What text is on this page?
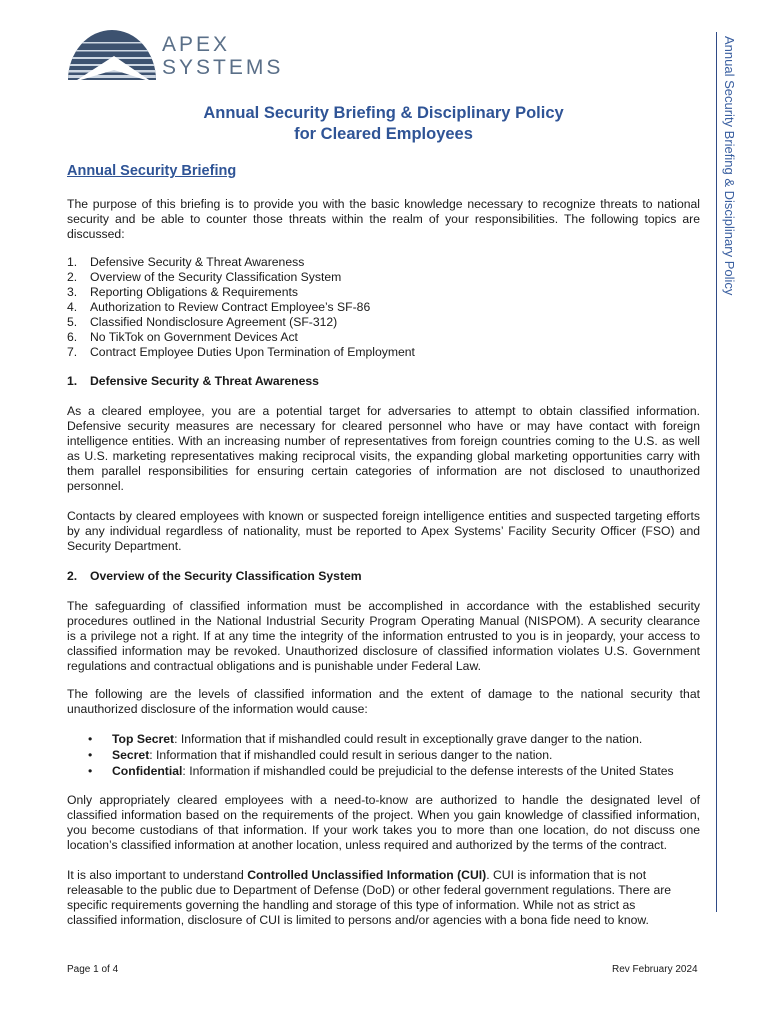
APEX
SYSTEMS	Annual Security Briefing & Disciplinary Policy
Annual Security Briefing & Disciplinary Policy
for Cleared Employees
Annual Security Briefing
The purpose of this briefing is to provide you with the basic knowledge necessary to recognize threats to national
security and be able to counter those threats within the realm of your responsibilities. The following topics are
discussed:
1. Defensive Security & Threat Awareness
2. Overview of the Security Classification System
3. Reporting Obligations & Requirements
4. Authorization to Review Contract Employee’s SF-86
5. Classified Nondisclosure Agreement (SF-312)
6. No TikTok on Government Devices Act
7. Contract Employee Duties Upon Termination of Employment
1. Defensive Security & Threat Awareness
As a cleared employee, you are a potential target for adversaries to attempt to obtain classified information.
Defensive security measures are necessary for cleared personnel who have or may have contact with foreign
intelligence entities. With an increasing number of representatives from foreign countries coming to the U.S. as well
as U.S. marketing representatives making reciprocal visits, the expanding global marketing opportunities carry with
them parallel responsibilities for ensuring certain categories of information are not disclosed to unauthorized
personnel.
Contacts by cleared employees with known or suspected foreign intelligence entities and suspected targeting efforts
by any individual regardless of nationality, must be reported to Apex Systems’ Facility Security Officer (FSO) and
Security Department.
2. Overview of the Security Classification System
The safeguarding of classified information must be accomplished in accordance with the established security
procedures outlined in the National Industrial Security Program Operating Manual (NISPOM). A security clearance
is a privilege not a right. If at any time the integrity of the information entrusted to you is in jeopardy, your access to
classified information may be revoked. Unauthorized disclosure of classified information violates U.S. Government
regulations and contractual obligations and is punishable under Federal Law.
The following are the levels of classified information and the extent of damage to the national security that
unauthorized disclosure of the information would cause:
• Top Secret: Information that if mishandled could result in exceptionally grave danger to the nation.
• Secret: Information that if mishandled could result in serious danger to the nation.
• Confidential: Information if mishandled could be prejudicial to the defense interests of the United States
Only appropriately cleared employees with a need-to-know are authorized to handle the designated level of
classified information based on the requirements of the project. When you gain knowledge of classified information,
you become custodians of that information. If your work takes you to more than one location, do not discuss one
location’s classified information at another location, unless required and authorized by the terms of the contract.
It is also important to understand Controlled Unclassified Information (CUI). CUI is information that is not
releasable to the public due to Department of Defense (DoD) or other federal government regulations. There are
specific requirements governing the handling and storage of this type of information. While not as strict as
classified information, disclosure of CUI is limited to persons and/or agencies with a bona fide need to know.
Page 1 of 4	Rev February 2024
